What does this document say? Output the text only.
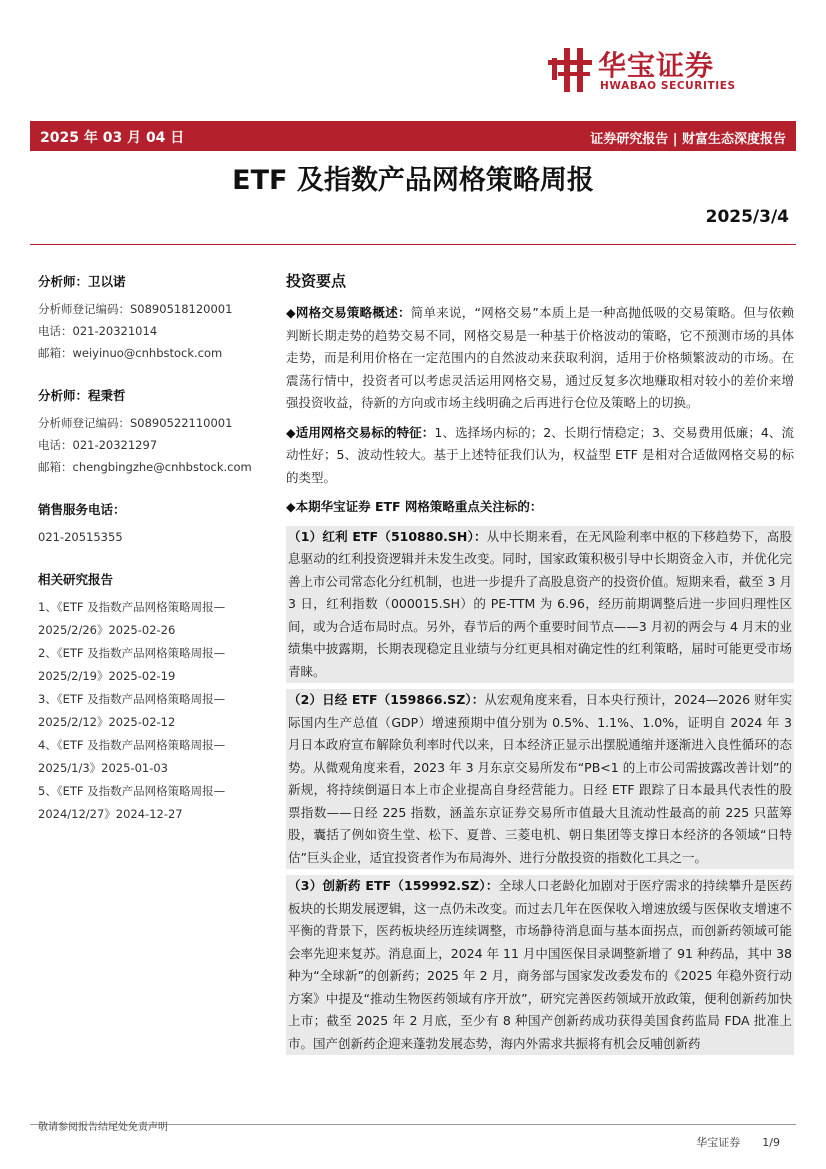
华宝证券
HWABAO SECURITIES
2025 年 03 月 04 日	证券研究报告 | 财富生态深度报告
ETF 及指数产品网格策略周报
2025/3/4
分析师：卫以诺
分析师登记编码：S0890518120001
电话：021-20321014
邮箱：weiyinuo@cnhbstock.com
分析师：程秉哲
分析师登记编码：S0890522110001
电话：021-20321297
邮箱：chengbingzhe@cnhbstock.com
销售服务电话：
021-20515355
相关研究报告
1、《ETF 及指数产品网格策略周报—
2025/2/26》2025-02-26
2、《ETF 及指数产品网格策略周报—
2025/2/19》2025-02-19
3、《ETF 及指数产品网格策略周报—
2025/2/12》2025-02-12
4、《ETF 及指数产品网格策略周报—
2025/1/3》2025-01-03
5、《ETF 及指数产品网格策略周报—
2024/12/27》2024-12-27
投资要点
◆网格交易策略概述：简单来说，“网格交易”本质上是一种高抛低吸的交易策略。但与依赖判断长期走势的趋势交易不同，网格交易是一种基于价格波动的策略，它不预测市场的具体走势，而是利用价格在一定范围内的自然波动来获取利润，适用于价格频繁波动的市场。在震荡行情中，投资者可以考虑灵活运用网格交易，通过反复多次地赚取相对较小的差价来增强投资收益，待新的方向或市场主线明确之后再进行仓位及策略上的切换。
◆适用网格交易标的特征：1、选择场内标的；2、长期行情稳定；3、交易费用低廉；4、流动性好；5、波动性较大。基于上述特征我们认为，权益型 ETF 是相对合适做网格交易的标的类型。
◆本期华宝证券 ETF 网格策略重点关注标的：
（1）红利 ETF（510880.SH）：从中长期来看，在无风险利率中枢的下移趋势下，高股息驱动的红利投资逻辑并未发生改变。同时，国家政策积极引导中长期资金入市，并优化完善上市公司常态化分红机制，也进一步提升了高股息资产的投资价值。短期来看，截至 3 月 3 日，红利指数（000015.SH）的 PE-TTM 为 6.96，经历前期调整后进一步回归理性区间，或为合适布局时点。另外，春节后的两个重要时间节点——3 月初的两会与 4 月末的业绩集中披露期，长期表现稳定且业绩与分红更具相对确定性的红利策略，届时可能更受市场青睐。
（2）日经 ETF（159866.SZ）：从宏观角度来看，日本央行预计，2024—2026 财年实际国内生产总值（GDP）增速预期中值分别为 0.5%、1.1%、1.0%，证明自 2024 年 3 月日本政府宣布解除负利率时代以来，日本经济正显示出摆脱通缩并逐渐进入良性循环的态势。从微观角度来看，2023 年 3 月东京交易所发布“PB<1 的上市公司需披露改善计划”的新规，将持续倒逼日本上市企业提高自身经营能力。日经 ETF 跟踪了日本最具代表性的股票指数——日经 225 指数，涵盖东京证券交易所市值最大且流动性最高的前 225 只蓝筹股，囊括了例如资生堂、松下、夏普、三菱电机、朝日集团等支撑日本经济的各领域“日特估”巨头企业，适宜投资者作为布局海外、进行分散投资的指数化工具之一。
（3）创新药 ETF（159992.SZ）：全球人口老龄化加剧对于医疗需求的持续攀升是医药板块的长期发展逻辑，这一点仍未改变。而过去几年在医保收入增速放缓与医保收支增速不平衡的背景下，医药板块经历连续调整，市场静待消息面与基本面拐点，而创新药领域可能会率先迎来复苏。消息面上，2024 年 11 月中国医保目录调整新增了 91 种药品，其中 38 种为“全球新”的创新药；2025 年 2 月，商务部与国家发改委发布的《2025 年稳外资行动方案》中提及“推动生物医药领域有序开放”，研究完善医药领域开放政策，便利创新药加快上市；截至 2025 年 2 月底，至少有 8 种国产创新药成功获得美国食药监局 FDA 批准上市。国产创新药企迎来蓬勃发展态势，海内外需求共振将有机会反哺创新药
敬请参阅报告结尾处免责声明
华宝证券 1/9
